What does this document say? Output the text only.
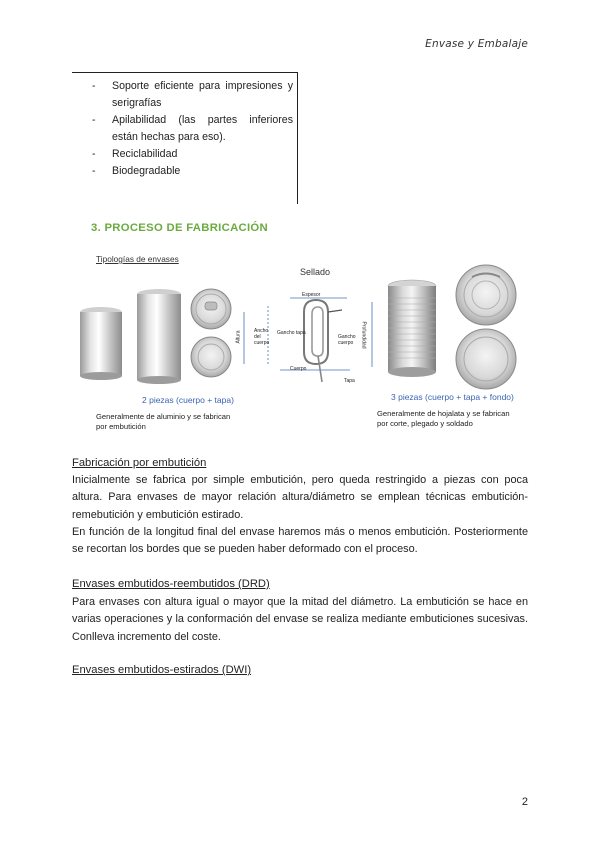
Envase y Embalaje
- Soporte eficiente para impresiones y serigrafías
- Apilabilidad (las partes inferiores están hechas para eso).
- Reciclabilidad
- Biodegradable
3. PROCESO DE FABRICACIÓN
Tipologías de envases
Sellado
Espesor
Ancho del cuerpo
Gancho tapa
Altura	Gancho cuerpo	Profundidad
Cuerpo
Tapa
2 piezas (cuerpo + tapa)
Generalmente de aluminio y se fabrican
por embutición
3 piezas (cuerpo + tapa + fondo)
Generalmente de hojalata y se fabrican
por corte, plegado y soldado
Fabricación por embutición
Inicialmente se fabrica por simple embutición, pero queda restringido a piezas con poca altura. Para envases de mayor relación altura/diámetro se emplean técnicas embutición-remebutición y embutición estirado.
En función de la longitud final del envase haremos más o menos embutición. Posteriormente se recortan los bordes que se pueden haber deformado con el proceso.
Envases embutidos-reembutidos (DRD)
Para envases con altura igual o mayor que la mitad del diámetro. La embutición se hace en varias operaciones y la conformación del envase se realiza mediante embuticiones sucesivas. Conlleva incremento del coste.
Envases embutidos-estirados (DWI)
2
